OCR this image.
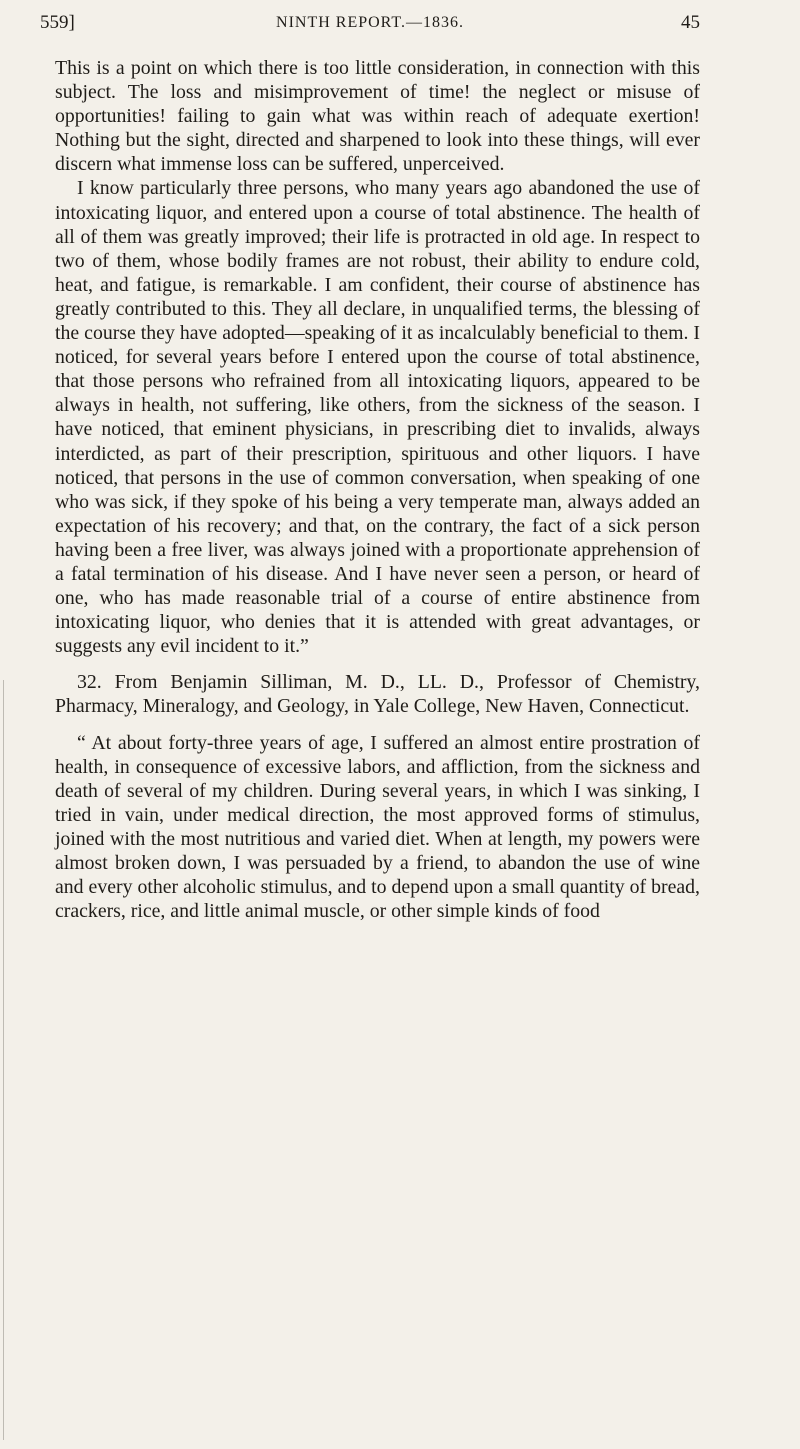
559]	NINTH REPORT.—1836.	45

This is a point on which there is too little consideration, in connection with this subject. The loss and misimprovement of time! the neglect or misuse of opportunities! failing to gain what was within reach of adequate exertion! Nothing but the sight, directed and sharpened to look into these things, will ever discern what immense loss can be suffered, unperceived.

I know particularly three persons, who many years ago abandoned the use of intoxicating liquor, and entered upon a course of total abstinence. The health of all of them was greatly improved; their life is protracted in old age. In respect to two of them, whose bodily frames are not robust, their ability to endure cold, heat, and fatigue, is remarkable. I am confident, their course of abstinence has greatly contributed to this. They all declare, in unqualified terms, the blessing of the course they have adopted—speaking of it as incalculably beneficial to them. I noticed, for several years before I entered upon the course of total abstinence, that those persons who refrained from all intoxicating liquors, appeared to be always in health, not suffering, like others, from the sickness of the season. I have noticed, that eminent physicians, in prescribing diet to invalids, always interdicted, as part of their prescription, spirituous and other liquors. I have noticed, that persons in the use of common conversation, when speaking of one who was sick, if they spoke of his being a very temperate man, always added an expectation of his recovery; and that, on the contrary, the fact of a sick person having been a free liver, was always joined with a proportionate apprehension of a fatal termination of his disease. And I have never seen a person, or heard of one, who has made reasonable trial of a course of entire abstinence from intoxicating liquor, who denies that it is attended with great advantages, or suggests any evil incident to it.”

32. From Benjamin Silliman, M. D., LL. D., Professor of Chemistry, Pharmacy, Mineralogy, and Geology, in Yale College, New Haven, Connecticut.

“ At about forty-three years of age, I suffered an almost entire prostration of health, in consequence of excessive labors, and affliction, from the sickness and death of several of my children. During several years, in which I was sinking, I tried in vain, under medical direction, the most approved forms of stimulus, joined with the most nutritious and varied diet. When at length, my powers were almost broken down, I was persuaded by a friend, to abandon the use of wine and every other alcoholic stimulus, and to depend upon a small quantity of bread, crackers, rice, and little animal muscle, or other simple kinds of food
